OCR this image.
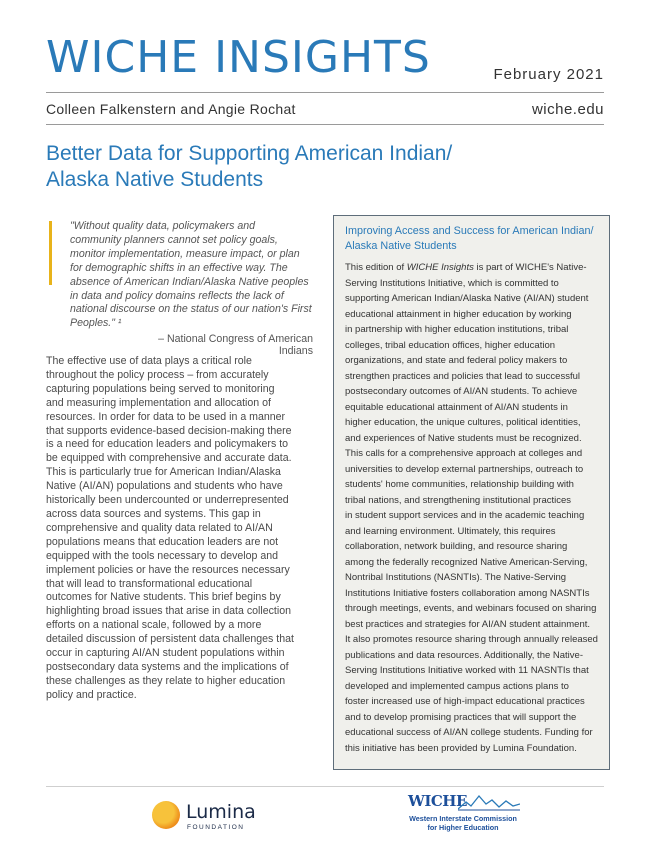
WICHE INSIGHTS	February 2021
Colleen Falkenstern and Angie Rochat	wiche.edu
Better Data for Supporting American Indian/
Alaska Native Students
"Without quality data, policymakers and
community planners cannot set policy goals,
monitor implementation, measure impact, or plan
for demographic shifts in an effective way. The
absence of American Indian/Alaska Native peoples
in data and policy domains reflects the lack of
national discourse on the status of our nation's First
Peoples." ¹
– National Congress of American Indians
The effective use of data plays a critical role
throughout the policy process – from accurately
capturing populations being served to monitoring
and measuring implementation and allocation of
resources. In order for data to be used in a manner
that supports evidence-based decision-making there
is a need for education leaders and policymakers to
be equipped with comprehensive and accurate data.
This is particularly true for American Indian/Alaska
Native (AI/AN) populations and students who have
historically been undercounted or underrepresented
across data sources and systems. This gap in
comprehensive and quality data related to AI/AN
populations means that education leaders are not
equipped with the tools necessary to develop and
implement policies or have the resources necessary
that will lead to transformational educational
outcomes for Native students. This brief begins by
highlighting broad issues that arise in data collection
efforts on a national scale, followed by a more
detailed discussion of persistent data challenges that
occur in capturing AI/AN student populations within
postsecondary data systems and the implications of
these challenges as they relate to higher education
policy and practice.
Improving Access and Success for American Indian/
Alaska Native Students
This edition of WICHE Insights is part of WICHE's Native-
Serving Institutions Initiative, which is committed to
supporting American Indian/Alaska Native (AI/AN) student
educational attainment in higher education by working
in partnership with higher education institutions, tribal
colleges, tribal education offices, higher education
organizations, and state and federal policy makers to
strengthen practices and policies that lead to successful
postsecondary outcomes of AI/AN students. To achieve
equitable educational attainment of AI/AN students in
higher education, the unique cultures, political identities,
and experiences of Native students must be recognized.
This calls for a comprehensive approach at colleges and
universities to develop external partnerships, outreach to
students' home communities, relationship building with
tribal nations, and strengthening institutional practices
in student support services and in the academic teaching
and learning environment. Ultimately, this requires
collaboration, network building, and resource sharing
among the federally recognized Native American-Serving,
Nontribal Institutions (NASNTIs). The Native-Serving
Institutions Initiative fosters collaboration among NASNTIs
through meetings, events, and webinars focused on sharing
best practices and strategies for AI/AN student attainment.
It also promotes resource sharing through annually released
publications and data resources. Additionally, the Native-
Serving Institutions Initiative worked with 11 NASNTIs that
developed and implemented campus actions plans to
foster increased use of high-impact educational practices
and to develop promising practices that will support the
educational success of AI/AN college students. Funding for
this initiative has been provided by Lumina Foundation.
Lumina
FOUNDATION
WICHE
Western Interstate Commission
for Higher Education
